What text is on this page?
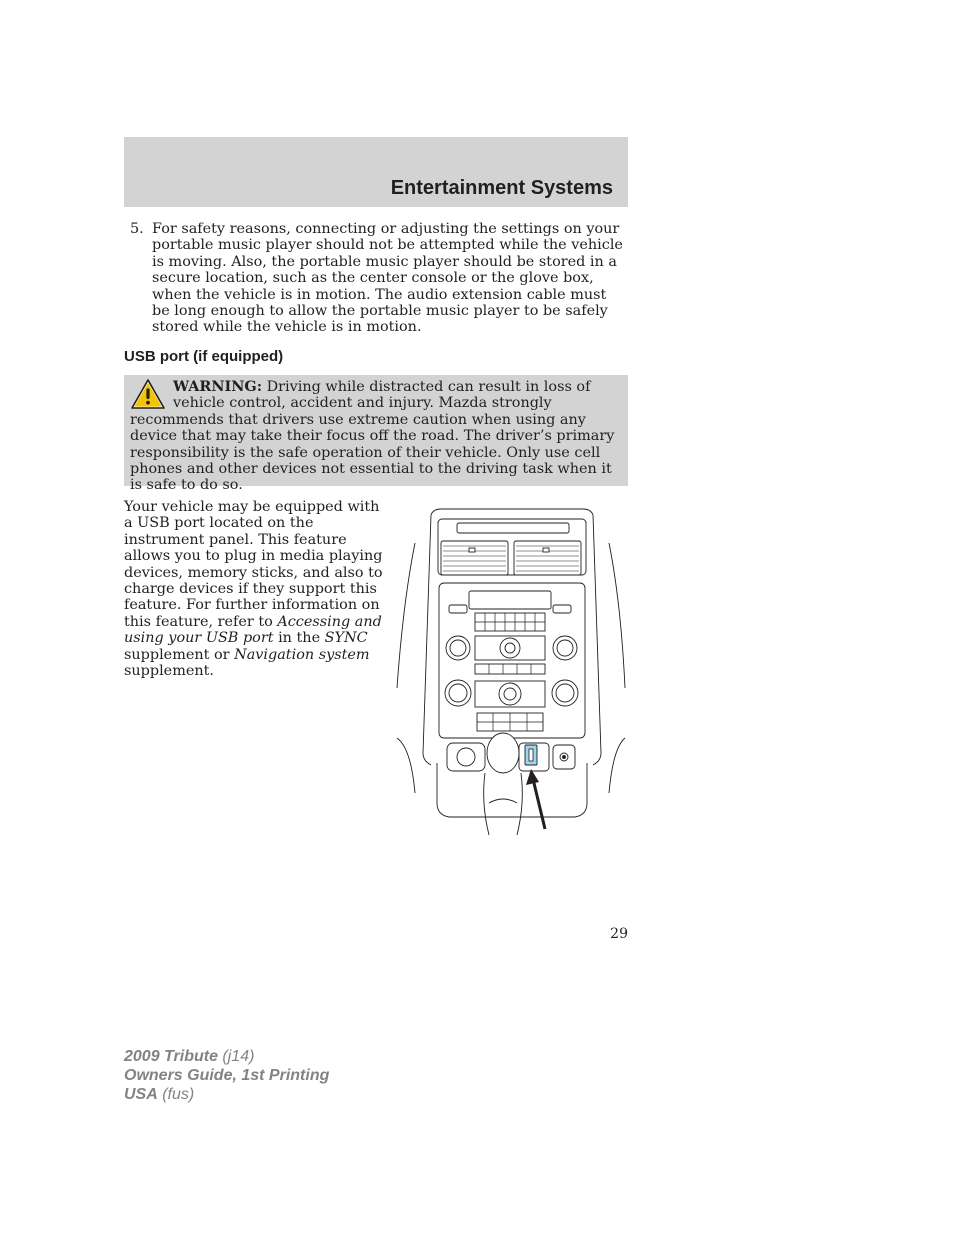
Entertainment Systems
5. For safety reasons, connecting or adjusting the settings on your portable music player should not be attempted while the vehicle is moving. Also, the portable music player should be stored in a secure location, such as the center console or the glove box, when the vehicle is in motion. The audio extension cable must be long enough to allow the portable music player to be safely stored while the vehicle is in motion.
USB port (if equipped)
WARNING: Driving while distracted can result in loss of vehicle control, accident and injury. Mazda strongly recommends that drivers use extreme caution when using any device that may take their focus off the road. The driver’s primary responsibility is the safe operation of their vehicle. Only use cell phones and other devices not essential to the driving task when it is safe to do so.
Your vehicle may be equipped with a USB port located on the instrument panel. This feature allows you to plug in media playing devices, memory sticks, and also to charge devices if they support this feature. For further information on this feature, refer to Accessing and using your USB port in the SYNC supplement or Navigation system supplement.
29
2009 Tribute (j14)
Owners Guide, 1st Printing
USA (fus)
